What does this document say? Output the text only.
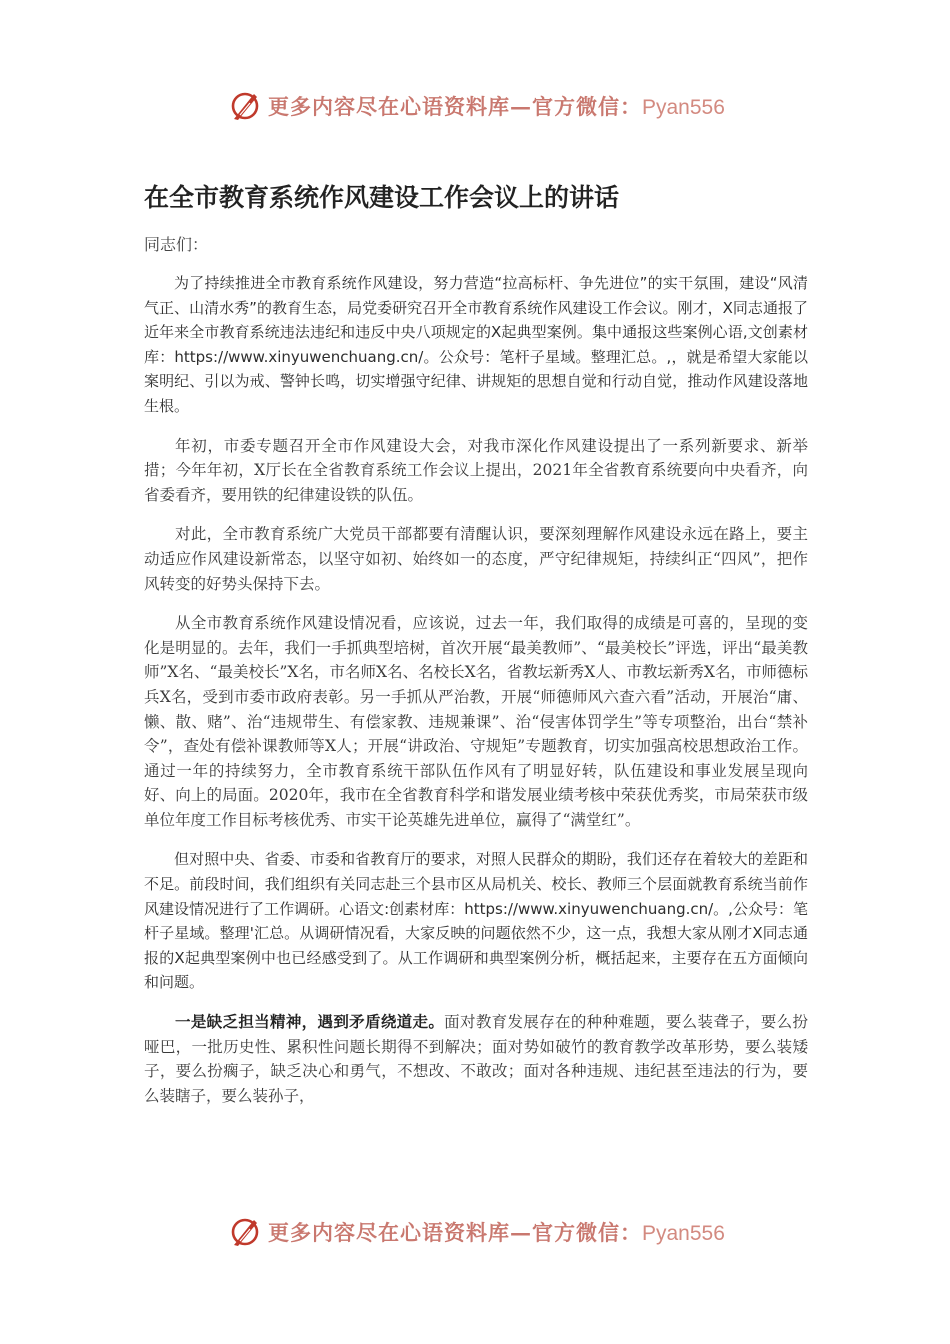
更多内容尽在心语资料库—官方微信：Pyan556
在全市教育系统作风建设工作会议上的讲话

同志们：

为了持续推进全市教育系统作风建设，努力营造“拉高标杆、争先进位”的实干氛围，建设“风清气正、山清水秀”的教育生态，局党委研究召开全市教育系统作风建设工作会议。刚才，X同志通报了近年来全市教育系统违法违纪和违反中央八项规定的X起典型案例。集中通报这些案例心语,文创素材库：https://www.xinyuwenchuang.cn/。公众号：笔杆子星域。整理汇总。,，就是希望大家能以案明纪、引以为戒、警钟长鸣，切实增强守纪律、讲规矩的思想自觉和行动自觉，推动作风建设落地生根。

年初，市委专题召开全市作风建设大会，对我市深化作风建设提出了一系列新要求、新举措；今年年初，X厅长在全省教育系统工作会议上提出，2021年全省教育系统要向中央看齐，向省委看齐，要用铁的纪律建设铁的队伍。

对此，全市教育系统广大党员干部都要有清醒认识，要深刻理解作风建设永远在路上，要主动适应作风建设新常态，以坚守如初、始终如一的态度，严守纪律规矩，持续纠正“四风”，把作风转变的好势头保持下去。

从全市教育系统作风建设情况看，应该说，过去一年，我们取得的成绩是可喜的，呈现的变化是明显的。去年，我们一手抓典型培树，首次开展“最美教师”、“最美校长”评选，评出“最美教师”X名、“最美校长”X名，市名师X名、名校长X名，省教坛新秀X人、市教坛新秀X名，市师德标兵X名，受到市委市政府表彰。另一手抓从严治教，开展“师德师风六查六看”活动，开展治“庸、懒、散、赌”、治“违规带生、有偿家教、违规兼课”、治“侵害体罚学生”等专项整治，出台“禁补令”，查处有偿补课教师等X人；开展“讲政治、守规矩”专题教育，切实加强高校思想政治工作。通过一年的持续努力，全市教育系统干部队伍作风有了明显好转，队伍建设和事业发展呈现向好、向上的局面。2020年，我市在全省教育科学和谐发展业绩考核中荣获优秀奖，市局荣获市级单位年度工作目标考核优秀、市实干论英雄先进单位，赢得了“满堂红”。

但对照中央、省委、市委和省教育厅的要求，对照人民群众的期盼，我们还存在着较大的差距和不足。前段时间，我们组织有关同志赴三个县市区从局机关、校长、教师三个层面就教育系统当前作风建设情况进行了工作调研。心语文:创素材库：https://www.xinyuwenchuang.cn/。,公众号：笔杆子星域。整理'汇总。从调研情况看，大家反映的问题依然不少，这一点，我想大家从刚才X同志通报的X起典型案例中也已经感受到了。从工作调研和典型案例分析，概括起来，主要存在五方面倾向和问题。

一是缺乏担当精神，遇到矛盾绕道走。面对教育发展存在的种种难题，要么装聋子，要么扮哑巴，一批历史性、累积性问题长期得不到解决；面对势如破竹的教育教学改革形势，要么装矮子，要么扮瘸子，缺乏决心和勇气，不想改、不敢改；面对各种违规、违纪甚至违法的行为，要么装瞎子，要么装孙子，

更多内容尽在心语资料库—官方微信：Pyan556
